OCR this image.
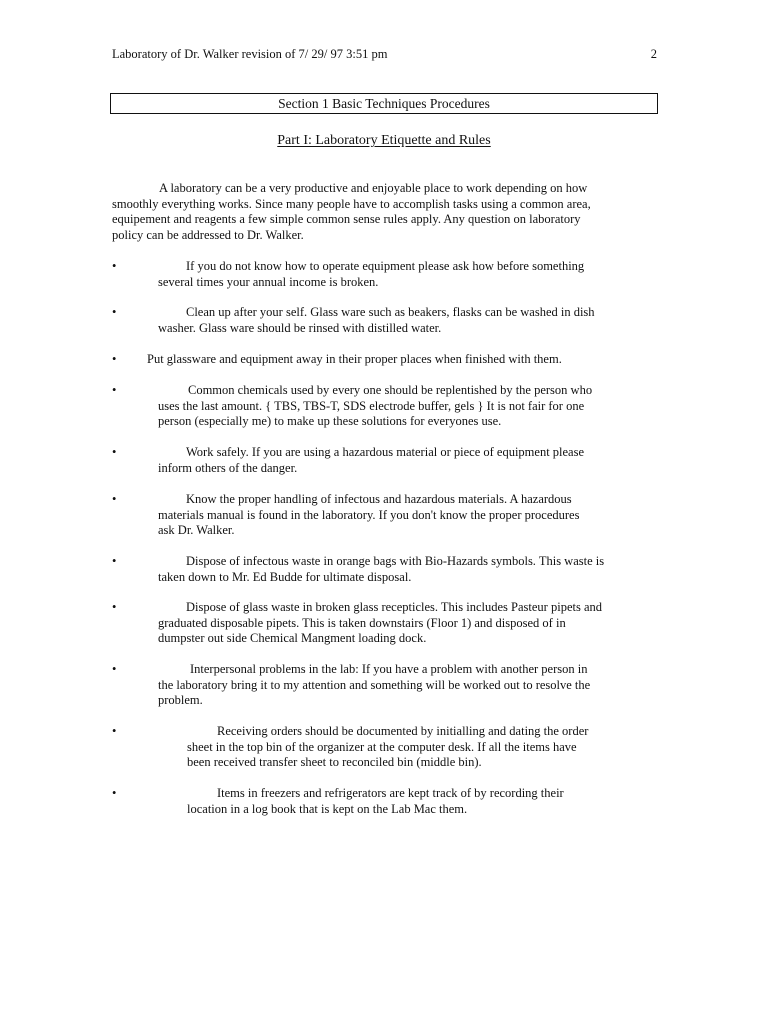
Laboratory of Dr. Walker revision of 7/ 29/ 97 3:51 pm	2
Section 1 Basic Techniques Procedures
Part I: Laboratory Etiquette and Rules

A laboratory can be a very productive and enjoyable place to work depending on how
smoothly everything works. Since many people have to accomplish tasks using a common area,
equipement and reagents a few simple common sense rules apply. Any question on laboratory
policy can be addressed to Dr. Walker.

•	If you do not know how to operate equipment please ask how before something
several times your annual income is broken.
•	Clean up after your self. Glass ware such as beakers, flasks can be washed in dish
washer. Glass ware should be rinsed with distilled water.
•	Put glassware and equipment away in their proper places when finished with them.
•	Common chemicals used by every one should be replentished by the person who
uses the last amount. { TBS, TBS-T, SDS electrode buffer, gels } It is not fair for one
person (especially me) to make up these solutions for everyones use.
•	Work safely. If you are using a hazardous material or piece of equipment please
inform others of the danger.
•	Know the proper handling of infectous and hazardous materials. A hazardous
materials manual is found in the laboratory. If you don't know the proper procedures
ask Dr. Walker.
•	Dispose of infectous waste in orange bags with Bio-Hazards symbols. This waste is
taken down to Mr. Ed Budde for ultimate disposal.
•	Dispose of glass waste in broken glass recepticles. This includes Pasteur pipets and
graduated disposable pipets. This is taken downstairs (Floor 1) and disposed of in
dumpster out side Chemical Mangment loading dock.
•	Interpersonal problems in the lab: If you have a problem with another person in
the laboratory bring it to my attention and something will be worked out to resolve the
problem.
•	Receiving orders should be documented by initialling and dating the order
sheet in the top bin of the organizer at the computer desk. If all the items have
been received transfer sheet to reconciled bin (middle bin).
•	Items in freezers and refrigerators are kept track of by recording their
location in a log book that is kept on the Lab Mac them.
